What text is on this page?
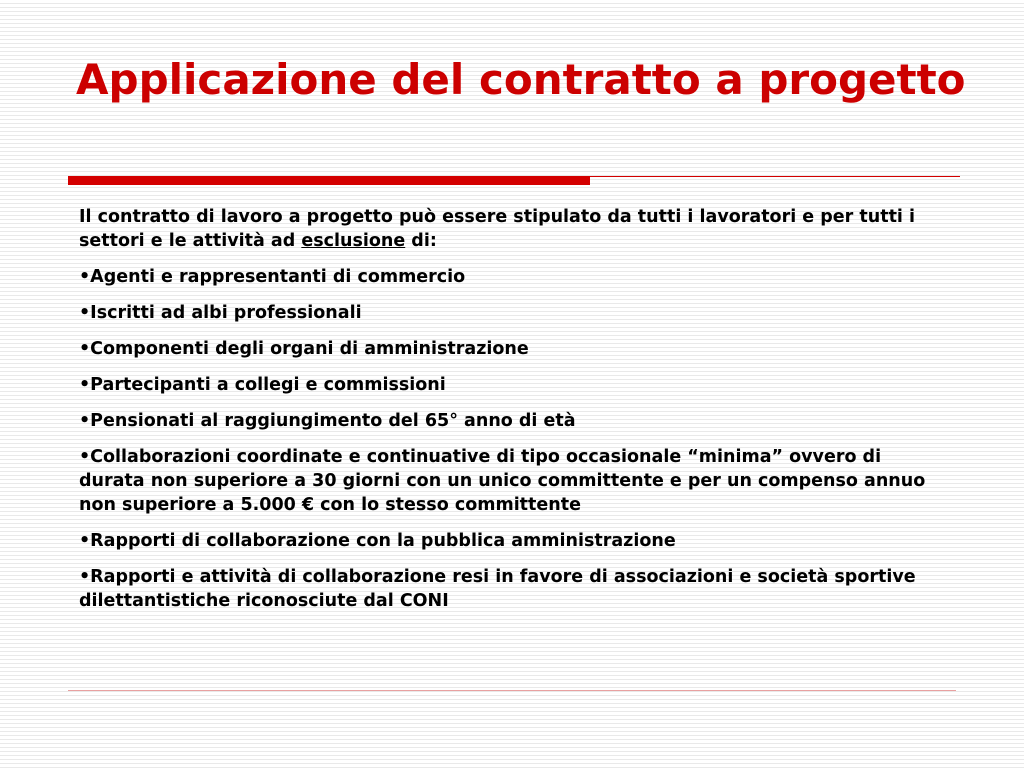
Applicazione del contratto a progetto

Il contratto di lavoro a progetto può essere stipulato da tutti i lavoratori e per tutti i settori e le attività ad esclusione di:

•Agenti e rappresentanti di commercio

•Iscritti ad albi professionali

•Componenti degli organi di amministrazione

•Partecipanti a collegi e commissioni

•Pensionati al raggiungimento del 65° anno di età

•Collaborazioni coordinate e continuative di tipo occasionale “minima” ovvero di durata non superiore a 30 giorni con un unico committente e per un compenso annuo non superiore a 5.000 € con lo stesso committente

•Rapporti di collaborazione con la pubblica amministrazione

•Rapporti e attività di collaborazione resi in favore di associazioni e società sportive dilettantistiche riconosciute dal CONI
